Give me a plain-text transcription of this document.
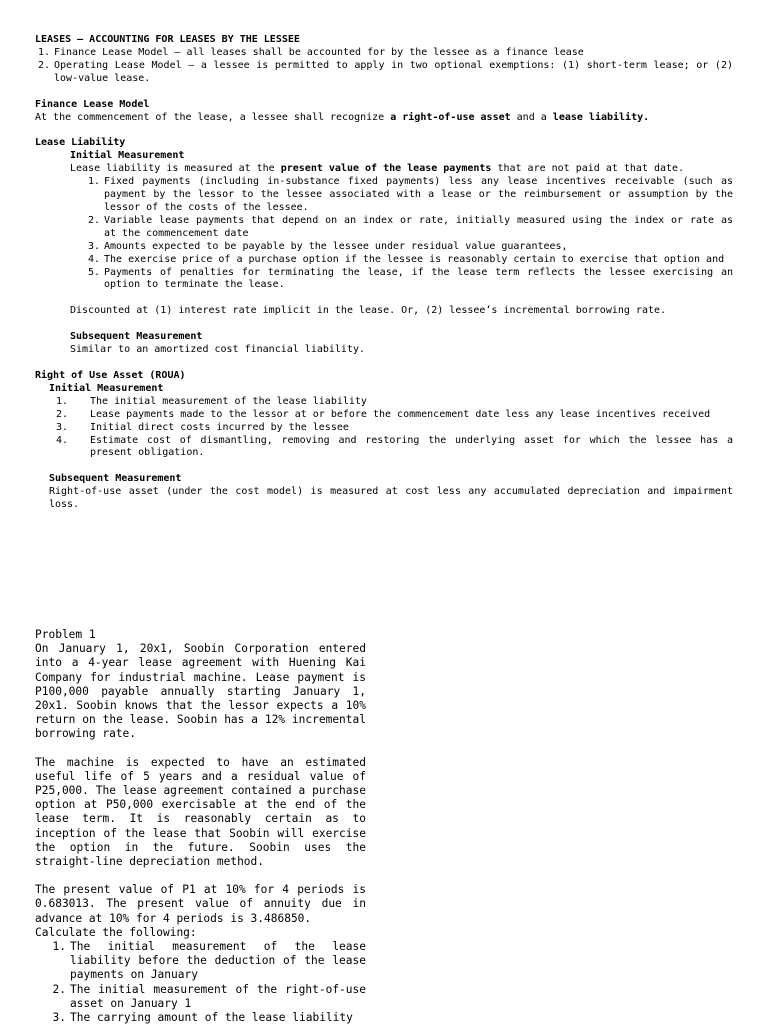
LEASES – ACCOUNTING FOR LEASES BY THE LESSEE

1. Finance Lease Model – all leases shall be accounted for by the lessee as a finance lease
2. Operating Lease Model – a lessee is permitted to apply in two optional exemptions: (1) short-term lease; or (2) low-value lease.

Finance Lease Model

At the commencement of the lease, a lessee shall recognize a right-of-use asset and a lease liability.

Lease Liability

Initial Measurement

Lease liability is measured at the present value of the lease payments that are not paid at that date.

1. Fixed payments (including in-substance fixed payments) less any lease incentives receivable (such as payment by the lessor to the lessee associated with a lease or the reimbursement or assumption by the lessor of the costs of the lessee.
2. Variable lease payments that depend on an index or rate, initially measured using the index or rate as at the commencement date
3. Amounts expected to be payable by the lessee under residual value guarantees,
4. The exercise price of a purchase option if the lessee is reasonably certain to exercise that option and
5. Payments of penalties for terminating the lease, if the lease term reflects the lessee exercising an option to terminate the lease.

Discounted at (1) interest rate implicit in the lease. Or, (2) lessee’s incremental borrowing rate.

Subsequent Measurement

Similar to an amortized cost financial liability.

Right of Use Asset (ROUA)

Initial Measurement

1.	The initial measurement of the lease liability
2.	Lease payments made to the lessor at or before the commencement date less any lease incentives received
3.	Initial direct costs incurred by the lessee
4.	Estimate cost of dismantling, removing and restoring the underlying asset for which the lessee has a present obligation.

Subsequent Measurement

Right-of-use asset (under the cost model) is measured at cost less any accumulated depreciation and impairment loss.

Problem 1

On January 1, 20x1, Soobin Corporation entered into a 4-year lease agreement with Huening Kai Company for industrial machine. Lease payment is P100,000 payable annually starting January 1, 20x1. Soobin knows that the lessor expects a 10% return on the lease. Soobin has a 12% incremental borrowing rate.

The machine is expected to have an estimated useful life of 5 years and a residual value of P25,000. The lease agreement contained a purchase option at P50,000 exercisable at the end of the lease term. It is reasonably certain as to inception of the lease that Soobin will exercise the option in the future. Soobin uses the straight-line depreciation method.

The present value of P1 at 10% for 4 periods is 0.683013. The present value of annuity due in advance at 10% for 4 periods is 3.486850.

Calculate the following:

1. The initial measurement of the lease liability before the deduction of the lease payments on January
2. The initial measurement of the right-of-use asset on January 1
3. The carrying amount of the lease liability
